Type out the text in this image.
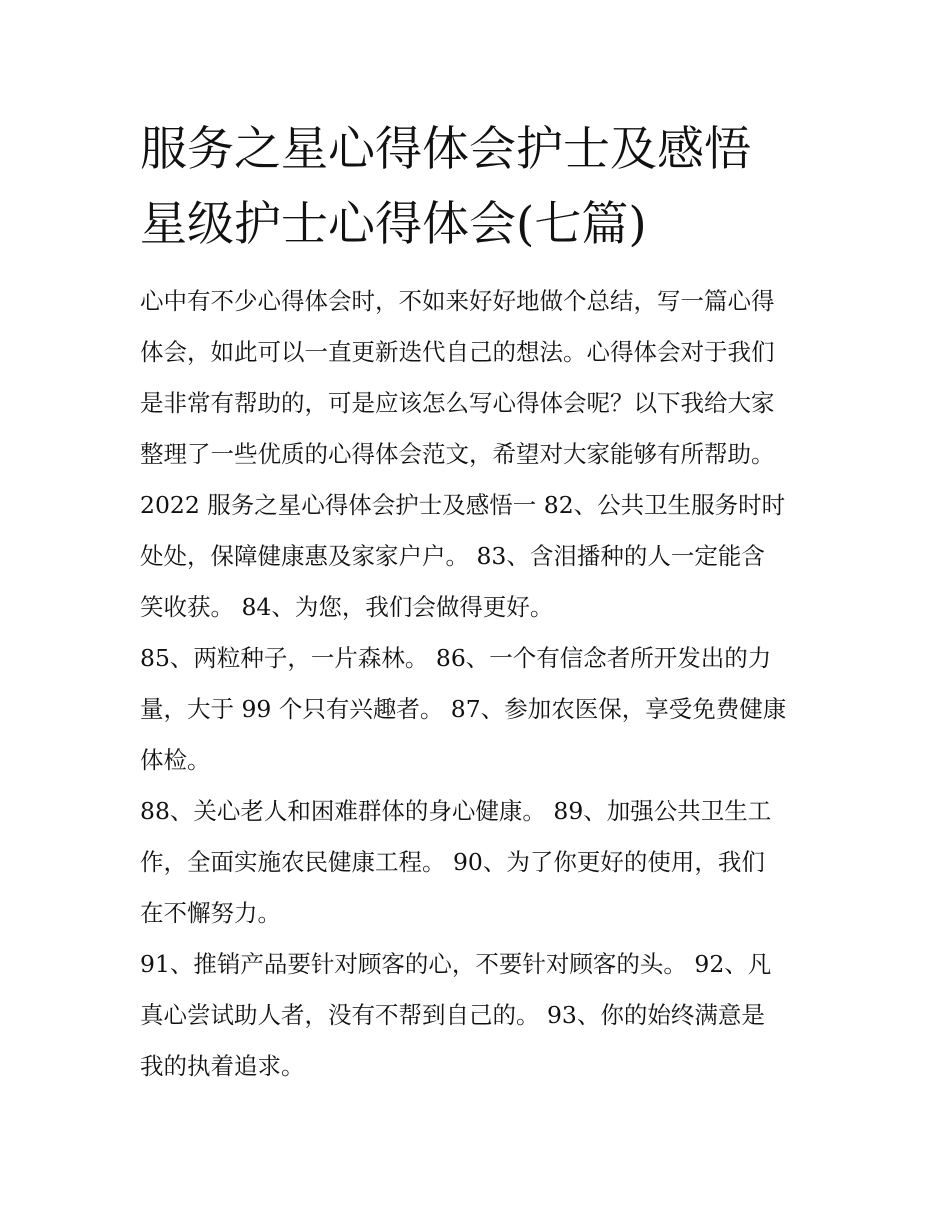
服务之星心得体会护士及感悟
星级护士心得体会(七篇)
心中有不少心得体会时，不如来好好地做个总结，写一篇心得
体会，如此可以一直更新迭代自己的想法。心得体会对于我们
是非常有帮助的，可是应该怎么写心得体会呢？以下我给大家
整理了一些优质的心得体会范文，希望对大家能够有所帮助。
2022 服务之星心得体会护士及感悟一 82、公共卫生服务时时
处处，保障健康惠及家家户户。 83、含泪播种的人一定能含
笑收获。 84、为您，我们会做得更好。
85、两粒种子，一片森林。 86、一个有信念者所开发出的力
量，大于 99 个只有兴趣者。 87、参加农医保，享受免费健康
体检。
88、关心老人和困难群体的身心健康。 89、加强公共卫生工
作，全面实施农民健康工程。 90、为了你更好的使用，我们
在不懈努力。
91、推销产品要针对顾客的心，不要针对顾客的头。 92、凡
真心尝试助人者，没有不帮到自己的。 93、你的始终满意是
我的执着追求。
